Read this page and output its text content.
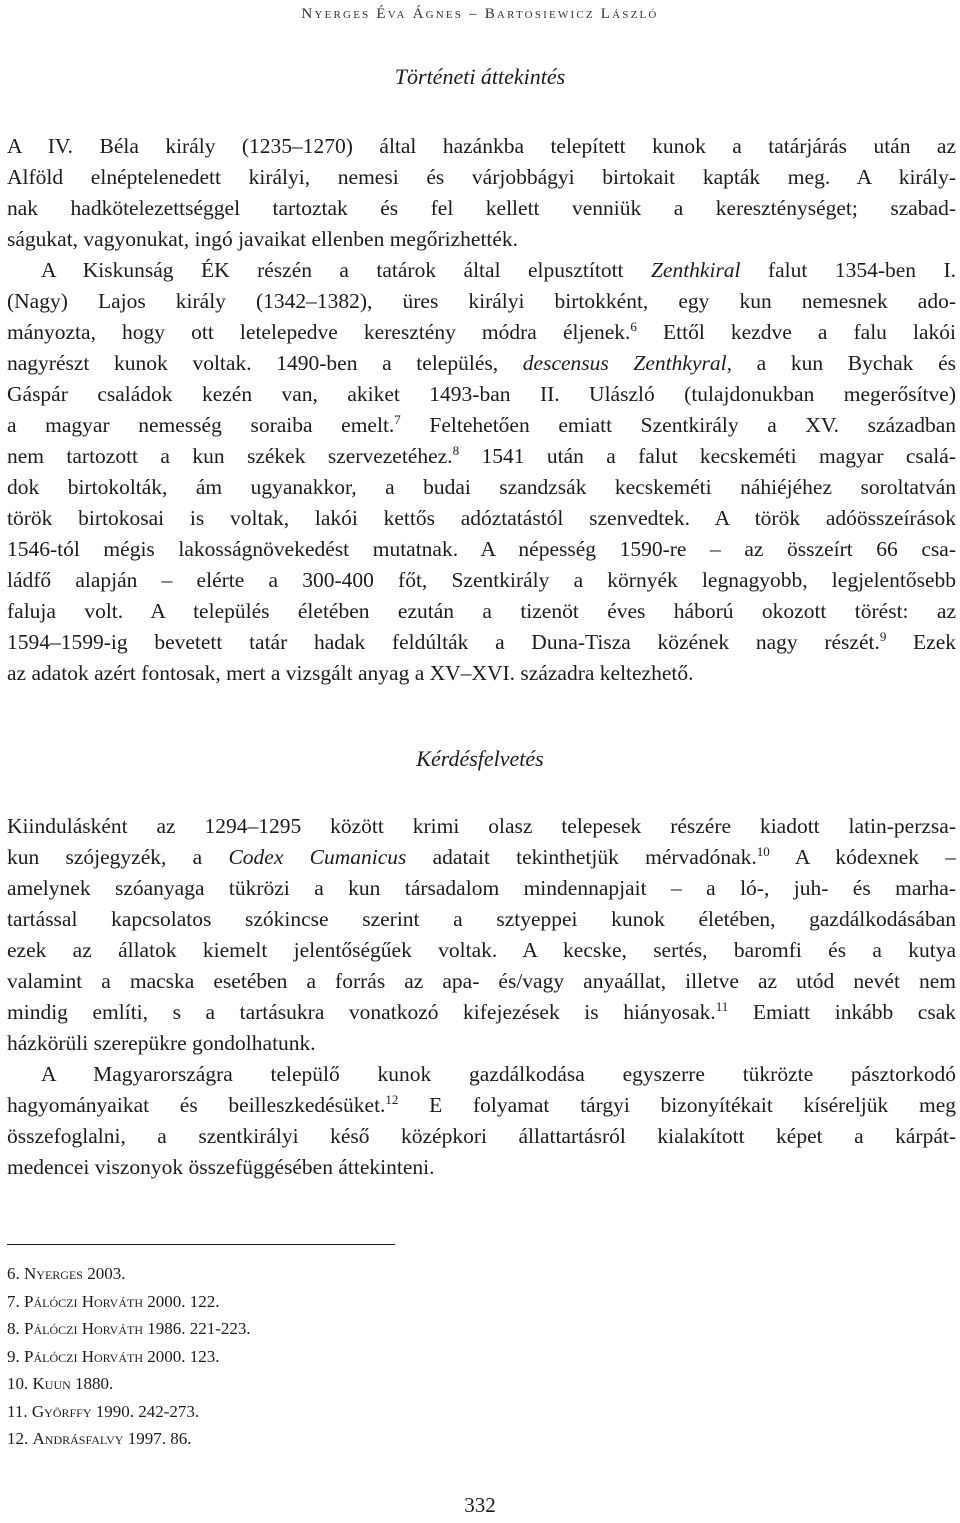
Nyerges Éva Ágnes – Bartosiewicz László
Történeti áttekintés
A IV. Béla király (1235–1270) által hazánkba telepített kunok a tatárjárás után az
Alföld elnéptelenedett királyi, nemesi és várjobbágyi birtokait kapták meg. A király-
nak hadkötelezettséggel tartoztak és fel kellett venniük a kereszténységet; szabad-
ságukat, vagyonukat, ingó javaikat ellenben megőrizhették.
A Kiskunság ÉK részén a tatárok által elpusztított Zenthkiral falut 1354-ben I.
(Nagy) Lajos király (1342–1382), üres királyi birtokként, egy kun nemesnek ado-
mányozta, hogy ott letelepedve keresztény módra éljenek.$^6$ Ettől kezdve a falu lakói
nagyrészt kunok voltak. 1490-ben a település, descensus Zenthkyral, a kun Bychak és
Gáspár családok kezén van, akiket 1493-ban II. Ulászló (tulajdonukban megerősítve)
a magyar nemesség soraiba emelt.$^7$ Feltehetően emiatt Szentkirály a XV. században
nem tartozott a kun székek szervezetéhez.$^8$ 1541 után a falut kecskeméti magyar csalá-
dok birtokolták, ám ugyanakkor, a budai szandzsák kecskeméti náhiéjéhez soroltatván
török birtokosai is voltak, lakói kettős adóztatástól szenvedtek. A török adóösszeírások
1546-tól mégis lakosságnövekedést mutatnak. A népesség 1590-re – az összeírt 66 csa-
ládfő alapján – elérte a 300-400 főt, Szentkirály a környék legnagyobb, legjelentősebb
faluja volt. A település életében ezután a tizenöt éves háború okozott törést: az
1594–1599-ig bevetett tatár hadak feldúlták a Duna-Tisza közének nagy részét.$^9$ Ezek
az adatok azért fontosak, mert a vizsgált anyag a XV–XVI. századra keltezhető.
Kérdésfelvetés
Kiindulásként az 1294–1295 között krimi olasz telepesek részére kiadott latin-perzsa-
kun szójegyzék, a Codex Cumanicus adatait tekinthetjük mérvadónak.$^{10}$ A kódexnek –
amelynek szóanyaga tükrözi a kun társadalom mindennapjait – a ló-, juh- és marha-
tartással kapcsolatos szókincse szerint a sztyeppei kunok életében, gazdálkodásában
ezek az állatok kiemelt jelentőségűek voltak. A kecske, sertés, baromfi és a kutya
valamint a macska esetében a forrás az apa- és/vagy anyaállat, illetve az utód nevét nem
mindig említi, s a tartásukra vonatkozó kifejezések is hiányosak.$^{11}$ Emiatt inkább csak
házkörüli szerepükre gondolhatunk.
A Magyarországra települő kunok gazdálkodása egyszerre tükrözte pásztorkodó
hagyományaikat és beilleszkedésüket.$^{12}$ E folyamat tárgyi bizonyítékait kíséreljük meg
összefoglalni, a szentkirályi késő középkori állattartásról kialakított képet a kárpát-
medencei viszonyok összefüggésében áttekinteni.
6. Nyerges 2003.
7. Pálóczi Horváth 2000. 122.
8. Pálóczi Horváth 1986. 221-223.
9. Pálóczi Horváth 2000. 123.
10. Kuun 1880.
11. Györffy 1990. 242-273.
12. Andrásfalvy 1997. 86.
332
